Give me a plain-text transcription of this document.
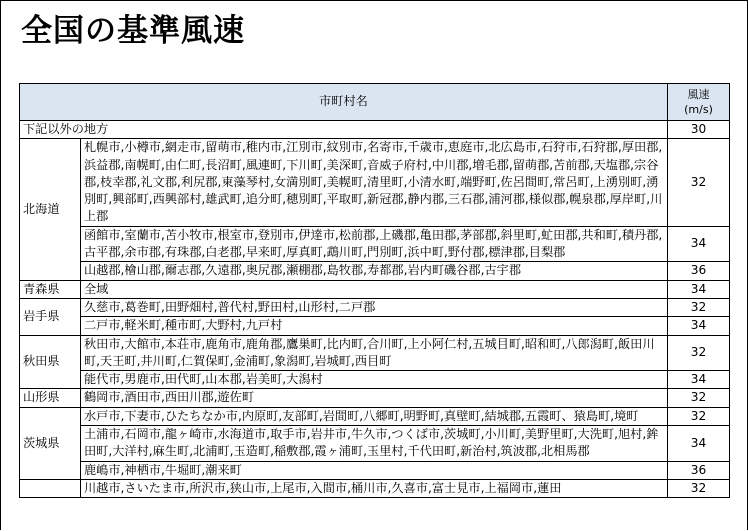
全国の基準風速
市町村名		風速
(m/s)
下記以外の地方		30
北海道	札幌市,小樽市,網走市,留萌市,稚内市,江別市,紋別市,名寄市,千歳市,恵庭市,北広島市,石狩市,石狩郡,厚田郡,浜益郡,南幌町,由仁町,長沼町,風連町,下川町,美深町,音威子府村,中川郡,増毛郡,留萌郡,苫前郡,天塩郡,宗谷郡,枝幸郡,礼文郡,利尻郡,東藻琴村,女満別町,美幌町,清里町,小清水町,端野町,佐呂間町,常呂町,上湧別町,湧別町,興部町,西興部村,雄武町,追分町,穂別町,平取町,新冠郡,静内郡,三石郡,浦河郡,様似郡,幌泉郡,厚岸町,川上郡	32
	函館市,室蘭市,苫小牧市,根室市,登別市,伊達市,松前郡,上磯郡,亀田郡,茅部郡,斜里町,虻田郡,共和町,積丹郡,古平郡,余市郡,有珠郡,白老郡,早来町,厚真町,鵡川町,門別町,浜中町,野付郡,標津郡,目梨郡	34
	山越郡,檜山郡,爾志郡,久遠郡,奥尻郡,瀬棚郡,島牧郡,寿都郡,岩内町磯谷郡,古宇郡	36
青森県	全域	34
岩手県	久慈市,葛巻町,田野畑村,普代村,野田村,山形村,二戸郡	32
	二戸市,軽米町,種市町,大野村,九戸村	34
秋田県	秋田市,大館市,本荘市,鹿角市,鹿角郡,鷹巣町,比内町,合川町,上小阿仁村,五城目町,昭和町,八郎潟町,飯田川町,天王町,井川町,仁賀保町,金浦町,象潟町,岩城町,西目町	32
	能代市,男鹿市,田代町,山本郡,岩美町,大潟村	34
山形県	鶴岡市,酒田市,西田川郡,遊佐町	32
茨城県	水戸市,下妻市,ひたちなか市,内原町,友部町,岩間町,八郷町,明野町,真壁町,結城郡,五霞町、猿島町,境町	32
	土浦市,石岡市,龍ヶ崎市,水海道市,取手市,岩井市,牛久市,つくば市,茨城町,小川町,美野里町,大洗町,旭村,鉾田町,大洋村,麻生町,北浦町,玉造町,稲敷郡,霞ヶ浦町,玉里村,千代田町,新治村,筑波郡,北相馬郡	34
	鹿嶋市,神栖市,牛堀町,潮来町	36
	川越市,さいたま市,所沢市,狭山市,上尾市,入間市,桶川市,久喜市,富士見市,上福岡市,蓮田	32
